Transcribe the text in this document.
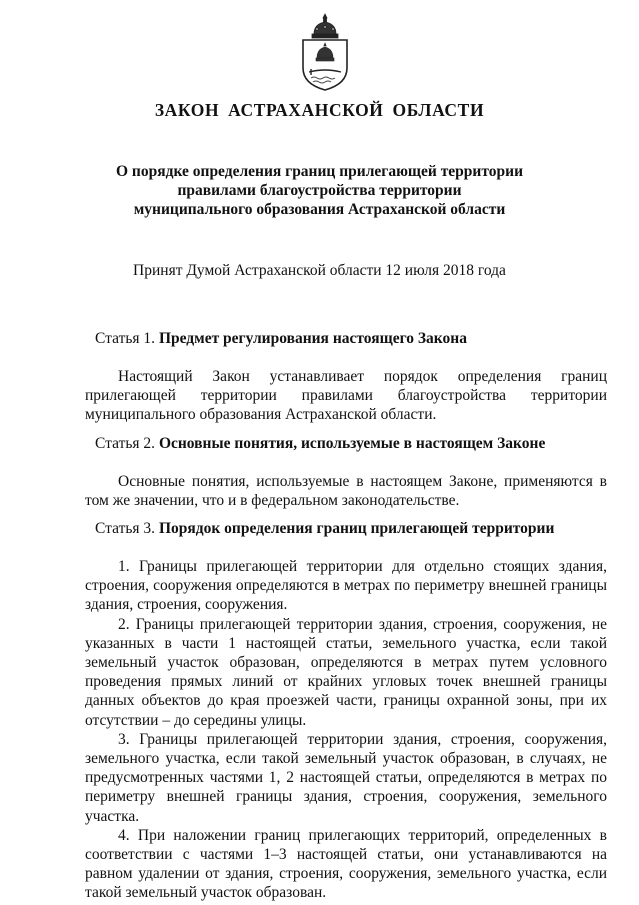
ЗАКОН АСТРАХАНСКОЙ ОБЛАСТИ
О порядке определения границ прилегающей территории
правилами благоустройства территории
муниципального образования Астраханской области
Принят Думой Астраханской области 12 июля 2018 года
Статья 1. Предмет регулирования настоящего Закона

Настоящий Закон устанавливает порядок определения границ прилегающей территории правилами благоустройства территории муниципального образования Астраханской области.

Статья 2. Основные понятия, используемые в настоящем Законе

Основные понятия, используемые в настоящем Законе, применяются в том же значении, что и в федеральном законодательстве.

Статья 3. Порядок определения границ прилегающей территории

1. Границы прилегающей территории для отдельно стоящих здания, строения, сооружения определяются в метрах по периметру внешней границы здания, строения, сооружения.

2. Границы прилегающей территории здания, строения, сооружения, не указанных в части 1 настоящей статьи, земельного участка, если такой земельный участок образован, определяются в метрах путем условного проведения прямых линий от крайних угловых точек внешней границы данных объектов до края проезжей части, границы охранной зоны, при их отсутствии – до середины улицы.

3. Границы прилегающей территории здания, строения, сооружения, земельного участка, если такой земельный участок образован, в случаях, не предусмотренных частями 1, 2 настоящей статьи, определяются в метрах по периметру внешней границы здания, строения, сооружения, земельного участка.

4. При наложении границ прилегающих территорий, определенных в соответствии с частями 1–3 настоящей статьи, они устанавливаются на равном удалении от здания, строения, сооружения, земельного участка, если такой земельный участок образован.
